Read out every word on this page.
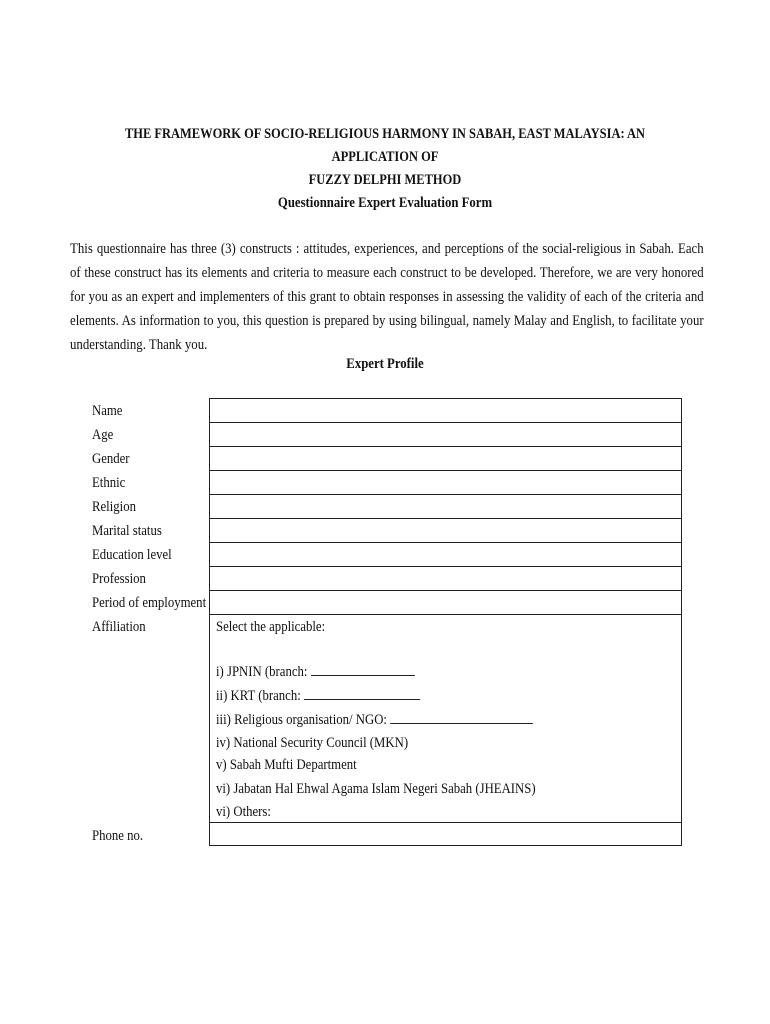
THE FRAMEWORK OF SOCIO-RELIGIOUS HARMONY IN SABAH, EAST MALAYSIA: AN APPLICATION OF
FUZZY DELPHI METHOD
Questionnaire Expert Evaluation Form
This questionnaire has three (3) constructs : attitudes, experiences, and perceptions of the social-religious in Sabah. Each of these construct has its elements and criteria to measure each construct to be developed. Therefore, we are very honored for you as an expert and implementers of this grant to obtain responses in assessing the validity of each of the criteria and elements. As information to you, this question is prepared by using bilingual, namely Malay and English, to facilitate your understanding. Thank you.
Expert Profile
Name
Age
Gender
Ethnic
Religion
Marital status
Education level
Profession
Period of employment
Affiliation
Phone no.
Select the applicable:
i) JPNIN (branch:
ii) KRT (branch:
iii) Religious organisation/ NGO:
iv) National Security Council (MKN)
v) Sabah Mufti Department
vi) Jabatan Hal Ehwal Agama Islam Negeri Sabah (JHEAINS)
vi) Others:
